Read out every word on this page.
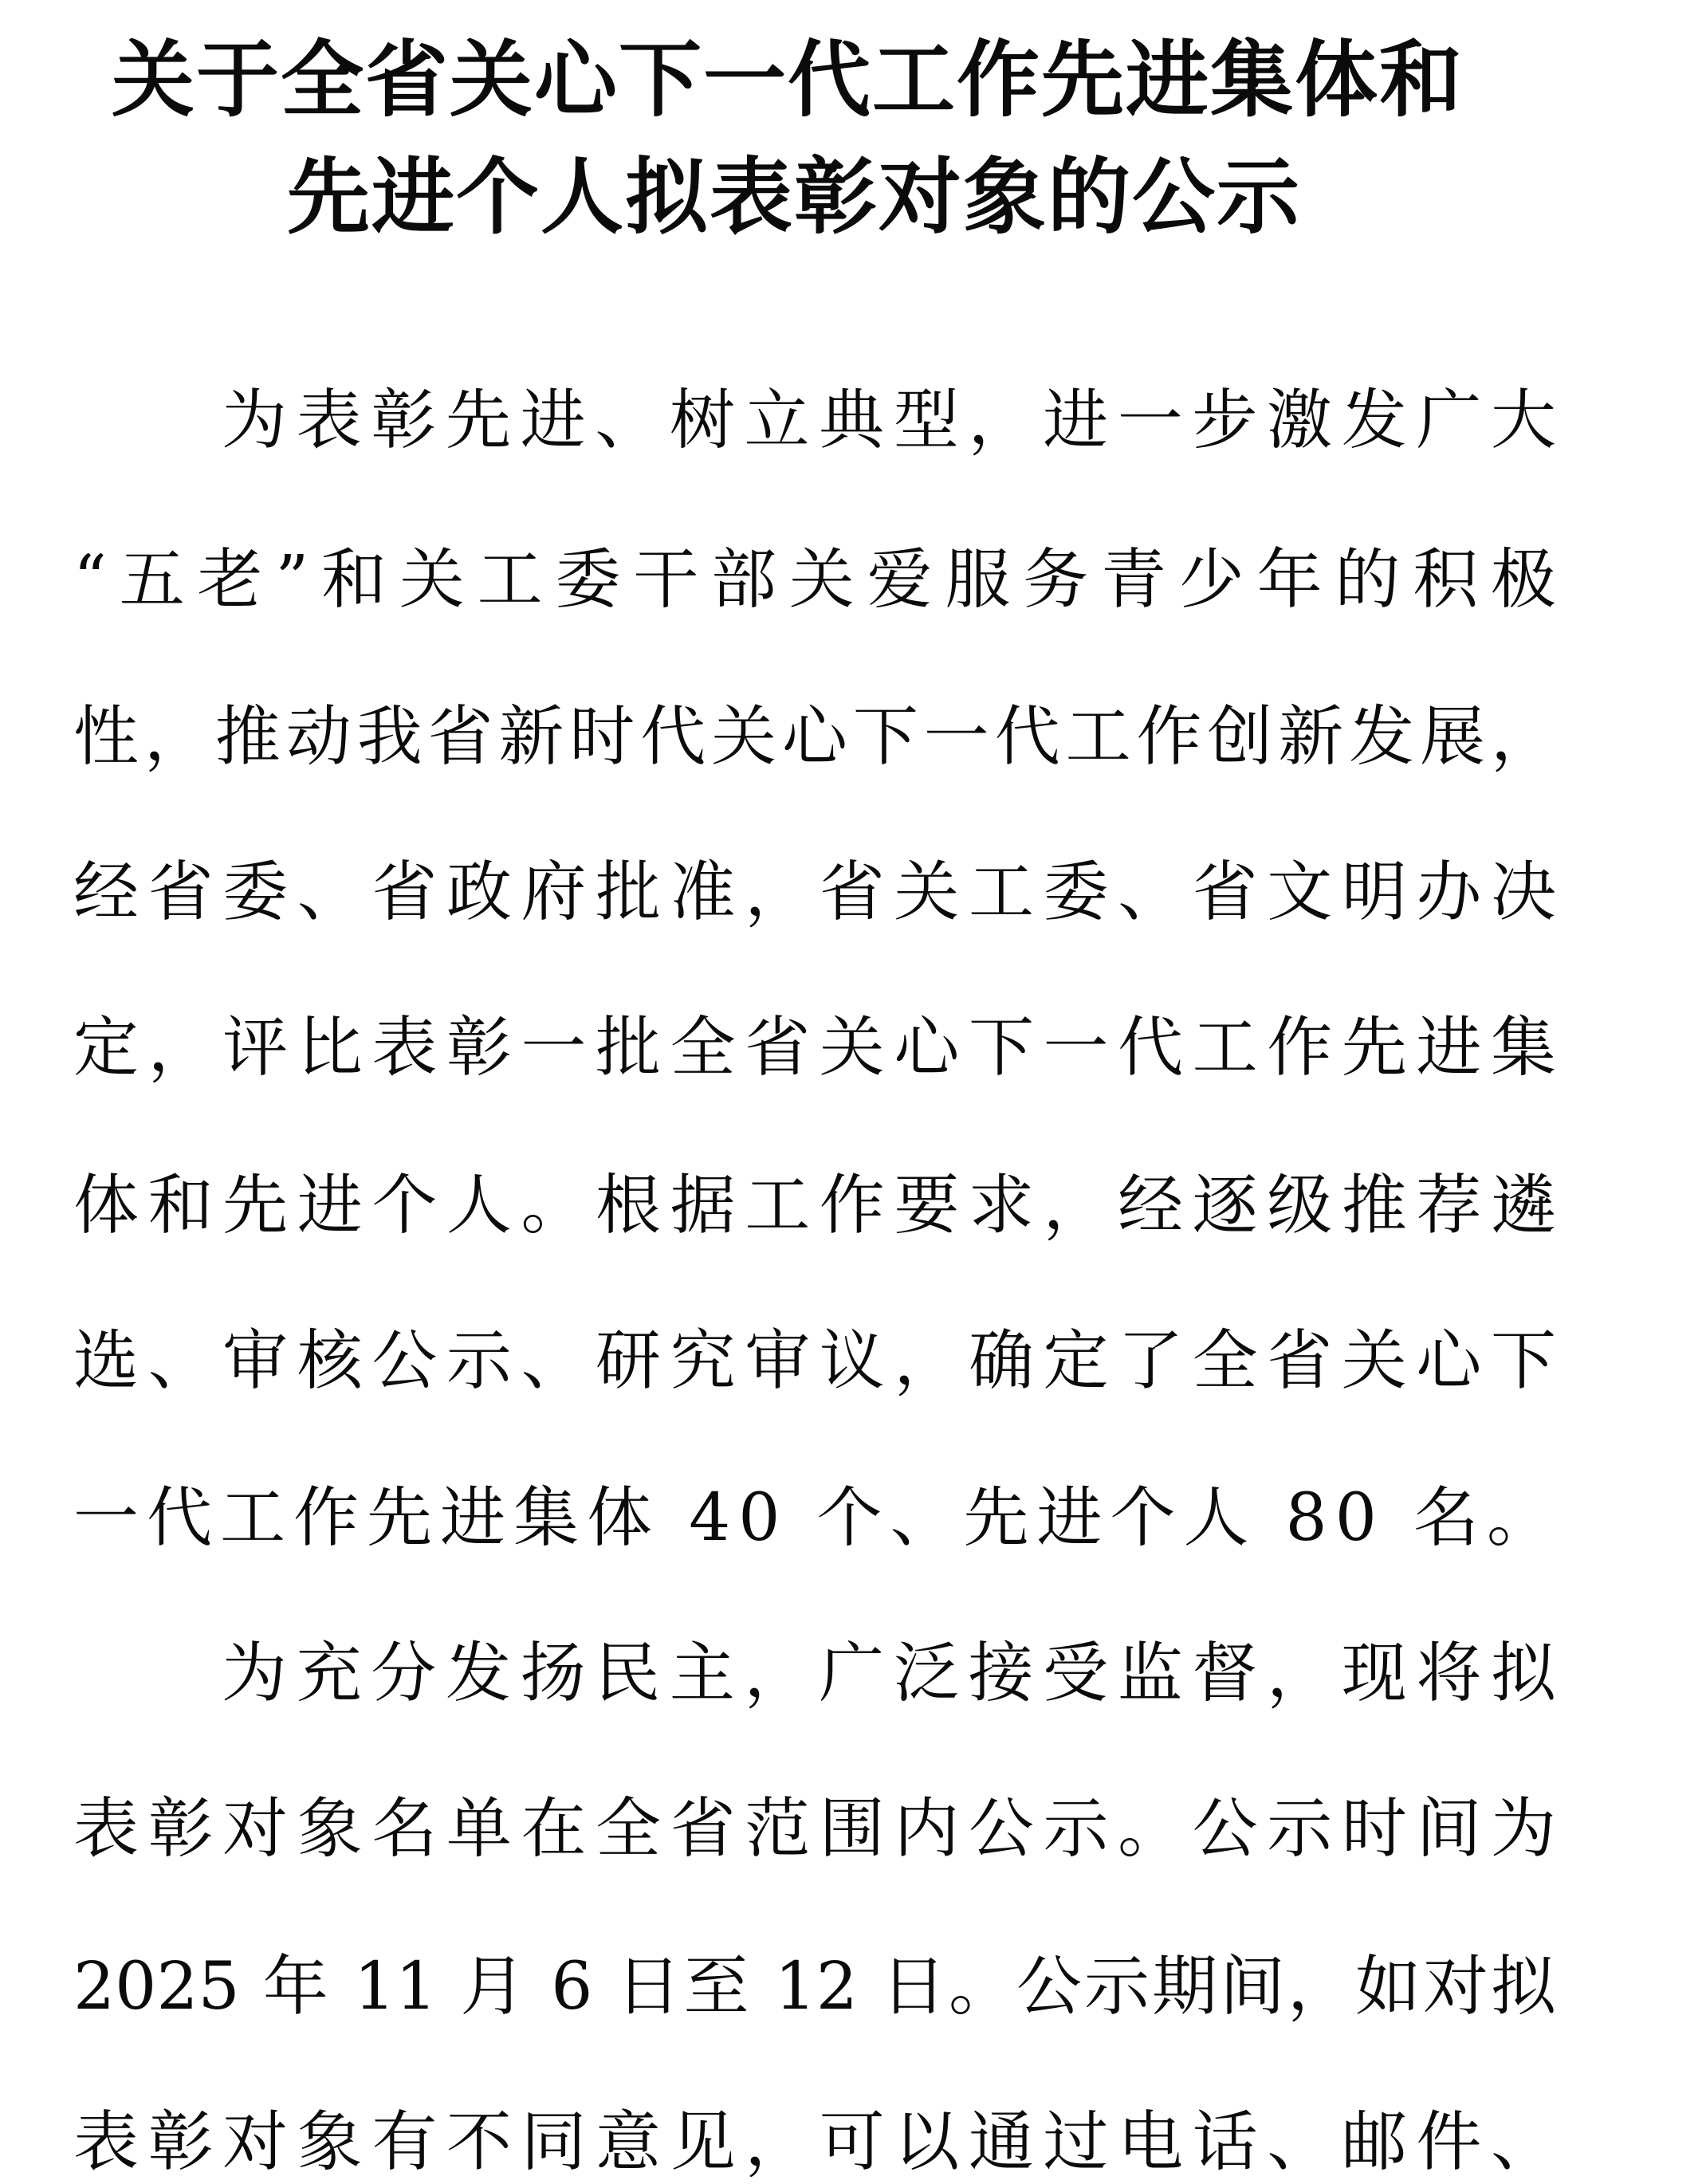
关于全省关心下一代工作先进集体和
先进个人拟表彰对象的公示
为表彰先进、树立典型，进一步激发广大
“五老”和关工委干部关爱服务青少年的积极
性，推动我省新时代关心下一代工作创新发展，
经省委、省政府批准，省关工委、省文明办决
定，评比表彰一批全省关心下一代工作先进集
体和先进个人。根据工作要求，经逐级推荐遴
选、审核公示、研究审议，确定了全省关心下
一代工作先进集体 40 个、先进个人 80 名。
为充分发扬民主，广泛接受监督，现将拟
表彰对象名单在全省范围内公示。公示时间为
2025 年 11 月 6 日至 12 日。公示期间，如对拟
表彰对象有不同意见，可以通过电话、邮件、
